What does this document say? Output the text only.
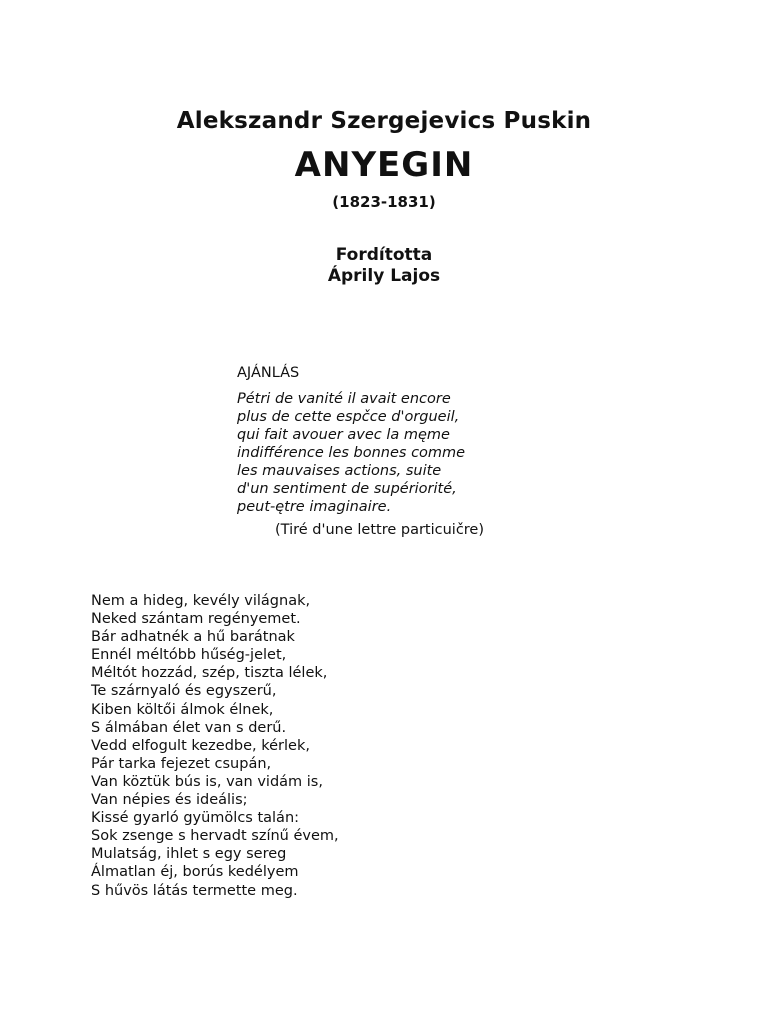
Alekszandr Szergejevics Puskin
ANYEGIN
(1823-1831)
Fordította
Áprily Lajos
AJÁNLÁS
Pétri de vanité il avait encore
plus de cette espčce d'orgueil,
qui fait avouer avec la męme
indifférence les bonnes comme
les mauvaises actions, suite
d'un sentiment de supériorité,
peut-ętre imaginaire.
(Tiré d'une lettre particuičre)
Nem a hideg, kevély világnak,
Neked szántam regényemet.
Bár adhatnék a hű barátnak
Ennél méltóbb hűség-jelet,
Méltót hozzád, szép, tiszta lélek,
Te szárnyaló és egyszerű,
Kiben költői álmok élnek,
S álmában élet van s derű.
Vedd elfogult kezedbe, kérlek,
Pár tarka fejezet csupán,
Van köztük bús is, van vidám is,
Van népies és ideális;
Kissé gyarló gyümölcs talán:
Sok zsenge s hervadt színű évem,
Mulatság, ihlet s egy sereg
Álmatlan éj, borús kedélyem
S hűvös látás termette meg.
